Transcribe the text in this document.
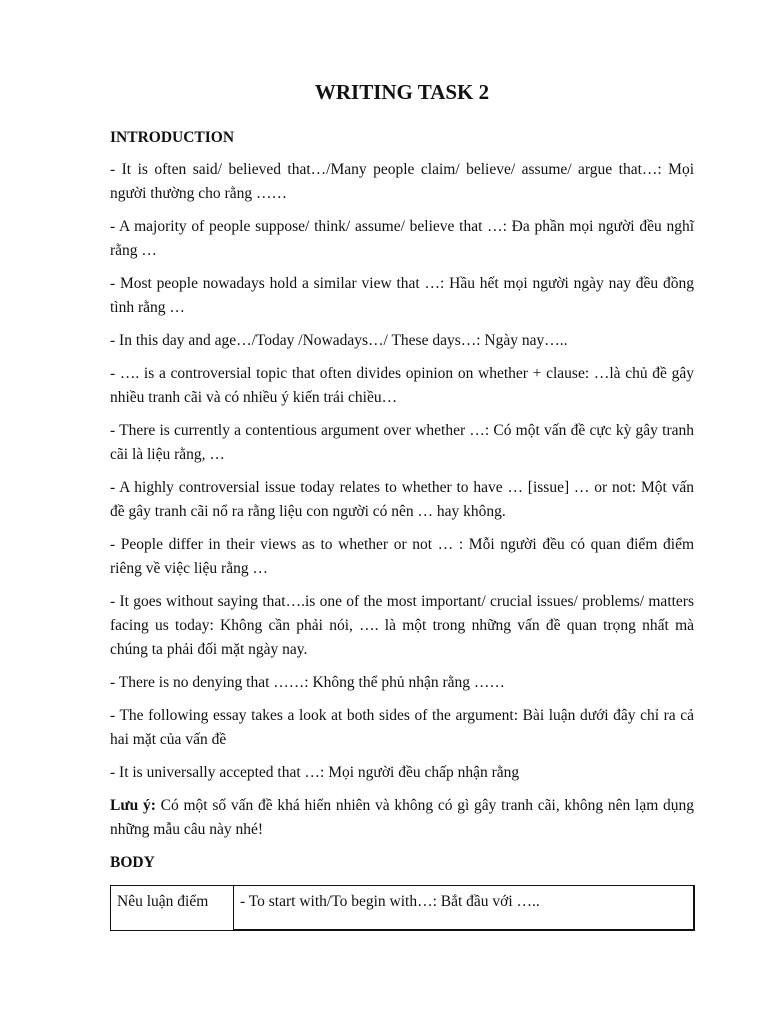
WRITING TASK 2
INTRODUCTION

- It is often said/ believed that…/Many people claim/ believe/ assume/ argue that…: Mọi người thường cho rằng ……

- A majority of people suppose/ think/ assume/ believe that …: Đa phần mọi người đều nghĩ rằng …

- Most people nowadays hold a similar view that …: Hầu hết mọi người ngày nay đều đồng tình rằng …

- In this day and age…/Today /Nowadays…/ These days…: Ngày nay…..

- …. is a controversial topic that often divides opinion on whether + clause: …là chủ đề gây nhiều tranh cãi và có nhiều ý kiến trái chiều…

- There is currently a contentious argument over whether …: Có một vấn đề cực kỳ gây tranh cãi là liệu rằng, …

- A highly controversial issue today relates to whether to have … [issue] … or not: Một vấn đề gây tranh cãi nổ ra rằng liệu con người có nên … hay không.

- People differ in their views as to whether or not … : Mỗi người đều có quan điểm điểm riêng về việc liệu rằng …

- It goes without saying that….is one of the most important/ crucial issues/ problems/ matters facing us today: Không cần phải nói, …. là một trong những vấn đề quan trọng nhất mà chúng ta phải đối mặt ngày nay.

- There is no denying that ……: Không thể phủ nhận rằng ……

- The following essay takes a look at both sides of the argument: Bài luận dưới đây chỉ ra cả hai mặt của vấn đề

- It is universally accepted that …: Mọi người đều chấp nhận rằng

Lưu ý: Có một số vấn đề khá hiển nhiên và không có gì gây tranh cãi, không nên lạm dụng những mẫu câu này nhé!

BODY
Nêu luận điểm	- To start with/To begin with…: Bắt đầu với …..
